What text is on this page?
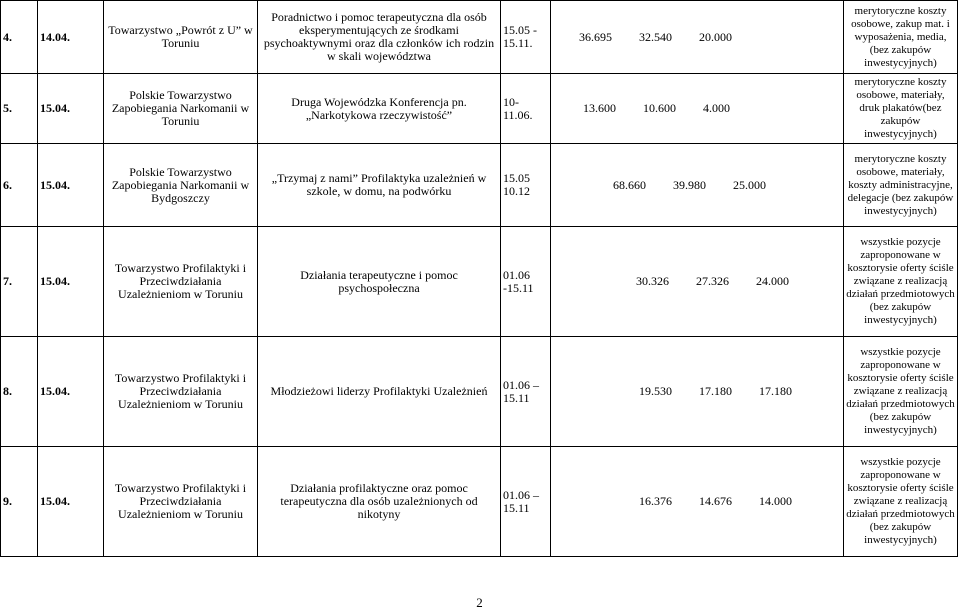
4.	14.04.	Towarzystwo „Powrót z U” w Toruniu	Poradnictwo i pomoc terapeutyczna dla osób eksperymentujących ze środkami psychoaktywnymi oraz dla członków ich rodzin w skali województwa	15.05 - 15.11.	36.695 32.540 20.000	merytoryczne koszty osobowe, zakup mat. i wyposażenia, media, (bez zakupów inwestycyjnych)
5.	15.04.	Polskie Towarzystwo Zapobiegania Narkomanii w Toruniu	Druga Wojewódzka Konferencja pn. „Narkotykowa rzeczywistość”	10-11.06.	13.600 10.600 4.000	merytoryczne koszty osobowe, materiały, druk plakatów(bez zakupów inwestycyjnych)
6.	15.04.	Polskie Towarzystwo Zapobiegania Narkomanii w Bydgoszczy	„Trzymaj z nami” Profilaktyka uzależnień w szkole, w domu, na podwórku	15.05 10.12	68.660 39.980 25.000	merytoryczne koszty osobowe, materiały, koszty administracyjne, delegacje (bez zakupów inwestycyjnych)
7.	15.04.	Towarzystwo Profilaktyki i Przeciwdziałania Uzależnieniom w Toruniu	Działania terapeutyczne i pomoc psychospołeczna	01.06 -15.11	30.326 27.326 24.000	wszystkie pozycje zaproponowane w kosztorysie oferty ściśle związane z realizacją działań przedmiotowych (bez zakupów inwestycyjnych)
8.	15.04.	Towarzystwo Profilaktyki i Przeciwdziałania Uzależnieniom w Toruniu	Młodzieżowi liderzy Profilaktyki Uzależnień	01.06 – 15.11	19.530 17.180 17.180	wszystkie pozycje zaproponowane w kosztorysie oferty ściśle związane z realizacją działań przedmiotowych (bez zakupów inwestycyjnych)
9.	15.04.	Towarzystwo Profilaktyki i Przeciwdziałania Uzależnieniom w Toruniu	Działania profilaktyczne oraz pomoc terapeutyczna dla osób uzależnionych od nikotyny	01.06 – 15.11	16.376 14.676 14.000	wszystkie pozycje zaproponowane w kosztorysie oferty ściśle związane z realizacją działań przedmiotowych (bez zakupów inwestycyjnych)
2
